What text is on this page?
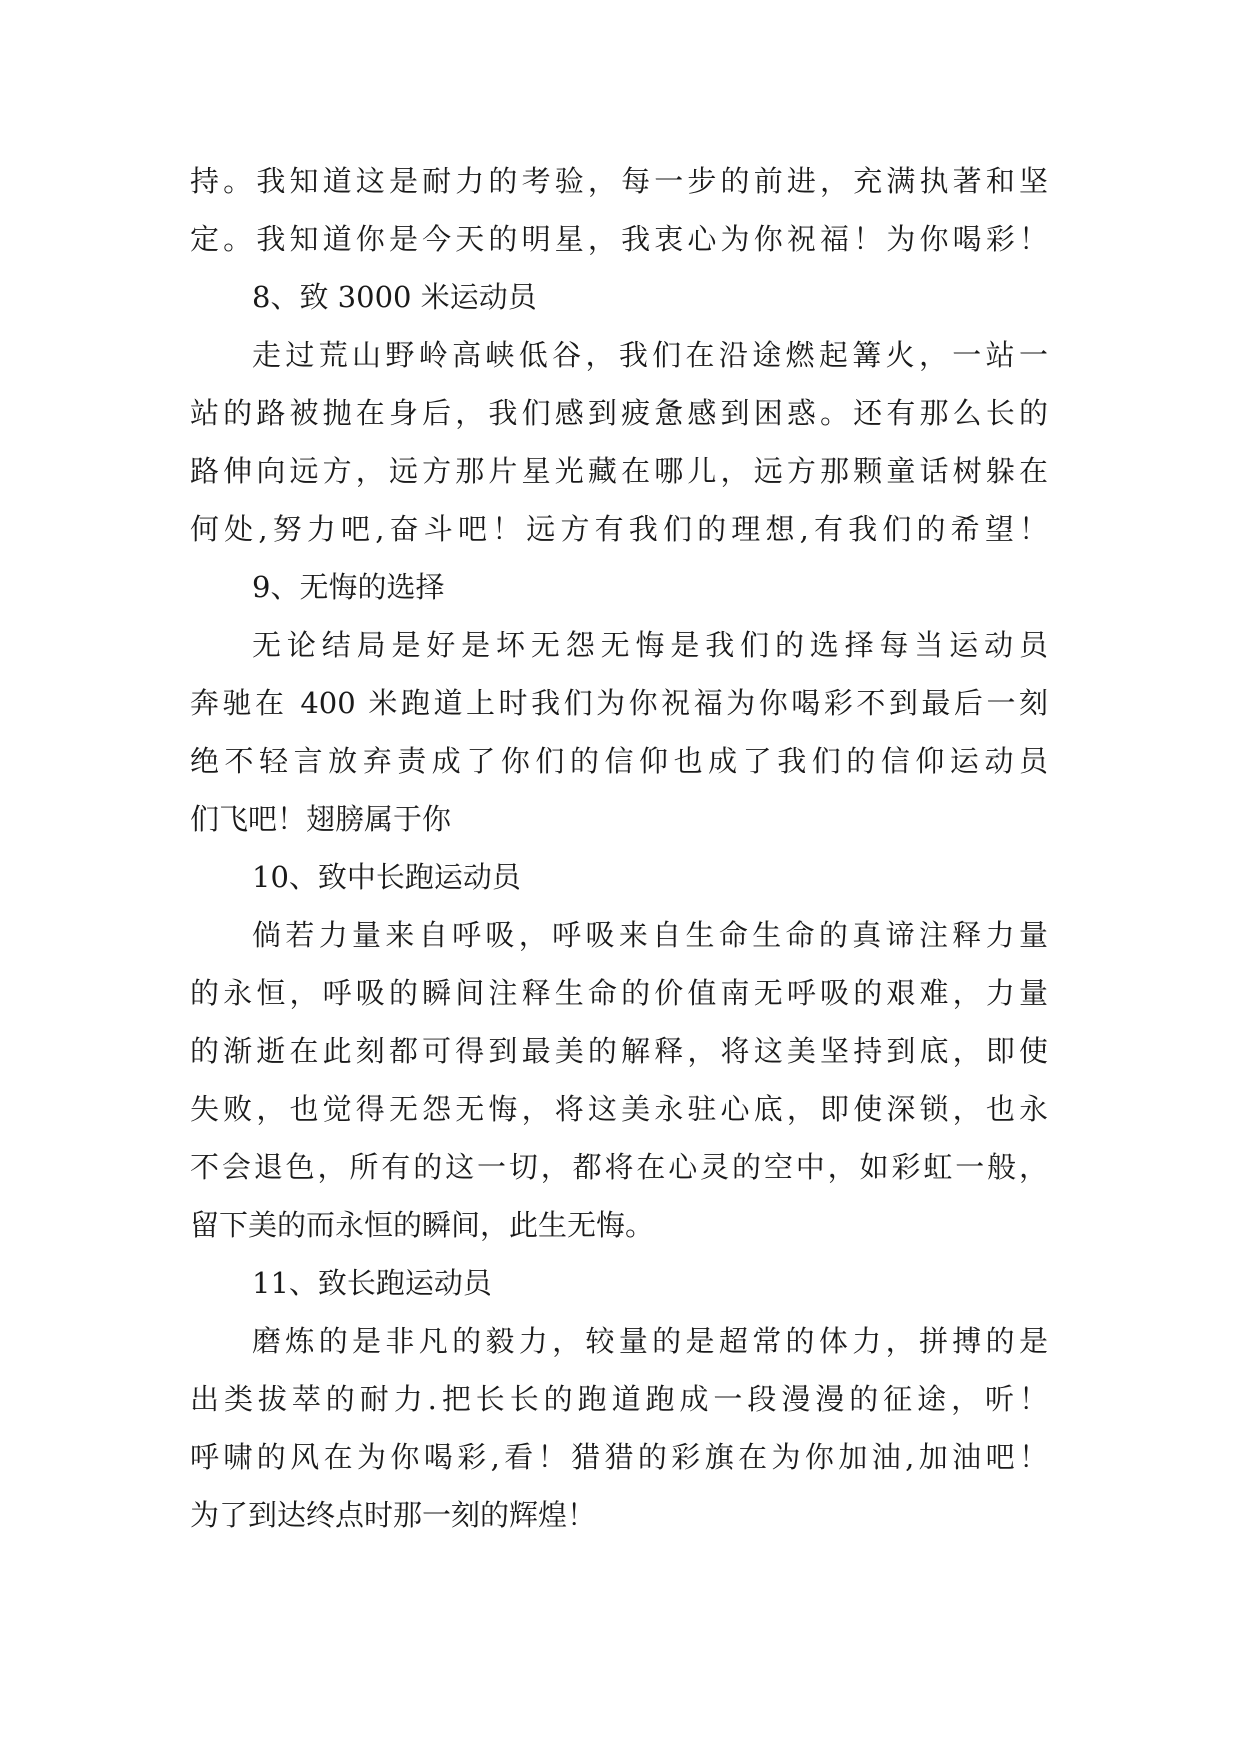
持。我知道这是耐力的考验，每一步的前进，充满执著和坚
定。我知道你是今天的明星，我衷心为你祝福！为你喝彩！
8、致 3000 米运动员
走过荒山野岭高峡低谷，我们在沿途燃起篝火，一站一
站的路被抛在身后，我们感到疲惫感到困惑。还有那么长的
路伸向远方，远方那片星光藏在哪儿，远方那颗童话树躲在
何处,努力吧,奋斗吧！远方有我们的理想,有我们的希望！
9、无悔的选择
无论结局是好是坏无怨无悔是我们的选择每当运动员
奔驰在 400 米跑道上时我们为你祝福为你喝彩不到最后一刻
绝不轻言放弃责成了你们的信仰也成了我们的信仰运动员
们飞吧！翅膀属于你
10、致中长跑运动员
倘若力量来自呼吸，呼吸来自生命生命的真谛注释力量
的永恒，呼吸的瞬间注释生命的价值南无呼吸的艰难，力量
的渐逝在此刻都可得到最美的解释，将这美坚持到底，即使
失败，也觉得无怨无悔，将这美永驻心底，即使深锁，也永
不会退色，所有的这一切，都将在心灵的空中，如彩虹一般，
留下美的而永恒的瞬间，此生无悔。
11、致长跑运动员
磨炼的是非凡的毅力，较量的是超常的体力，拼搏的是
出类拔萃的耐力.把长长的跑道跑成一段漫漫的征途，听！
呼啸的风在为你喝彩,看！猎猎的彩旗在为你加油,加油吧！
为了到达终点时那一刻的辉煌！
